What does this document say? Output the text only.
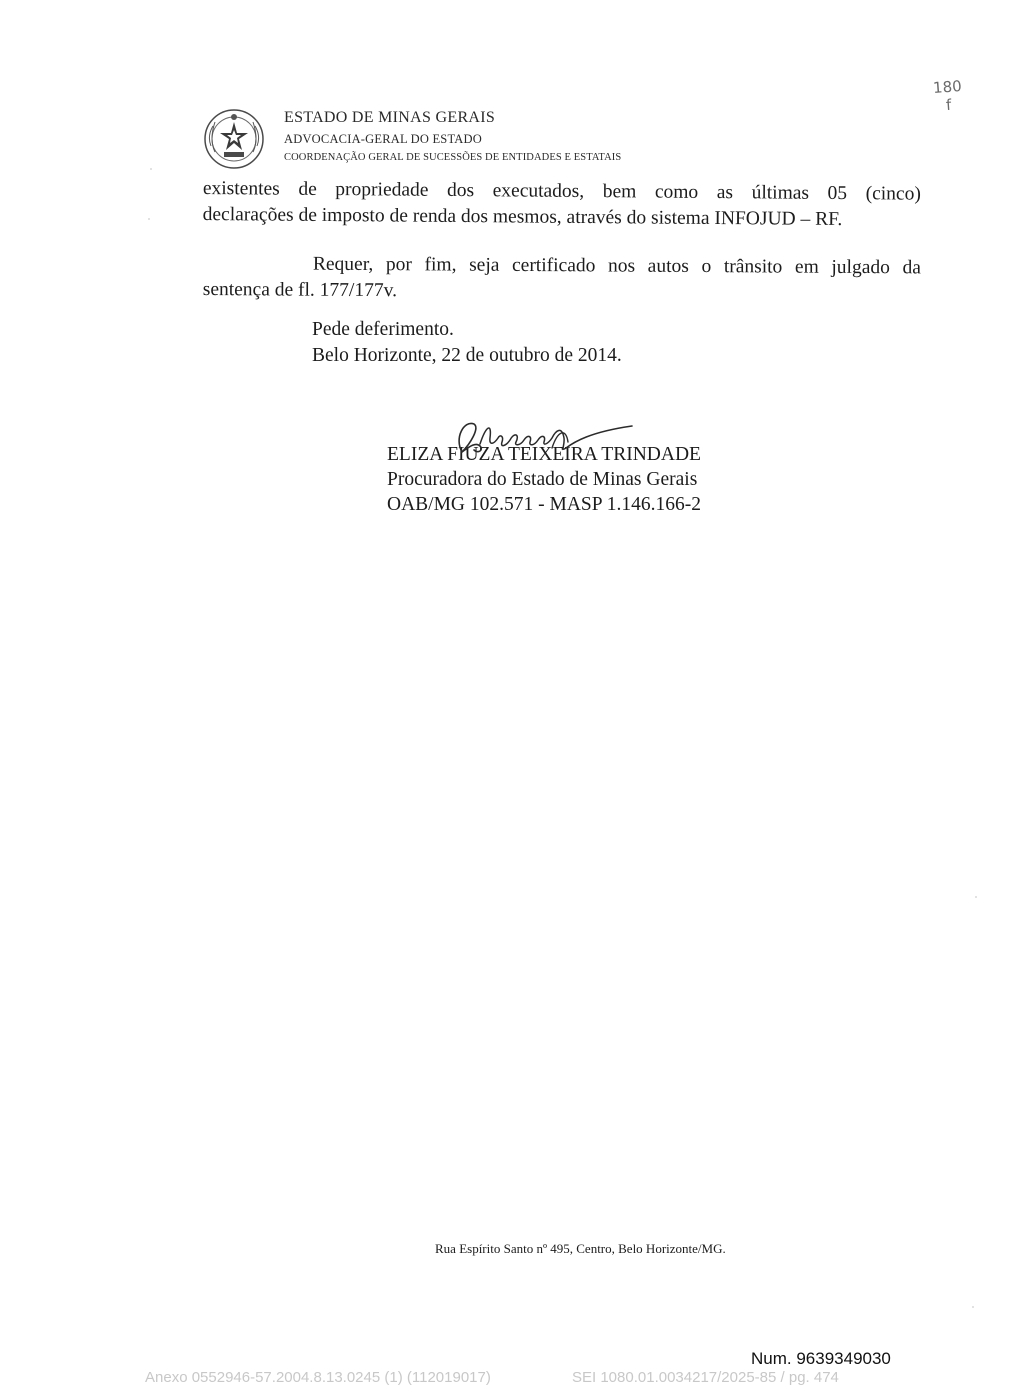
180
f
ESTADO DE MINAS GERAIS
ADVOCACIA-GERAL DO ESTADO
COORDENAÇÃO GERAL DE SUCESSÕES DE ENTIDADES E ESTATAIS
existentes de propriedade dos executados, bem como as últimas 05 (cinco)
declarações de imposto de renda dos mesmos, através do sistema INFOJUD – RF.
Requer, por fim, seja certificado nos autos o trânsito em julgado da
sentença de fl. 177/177v.
Pede deferimento.
Belo Horizonte, 22 de outubro de 2014.
ELIZA FIUZA TEIXEIRA TRINDADE
Procuradora do Estado de Minas Gerais
OAB/MG 102.571 - MASP 1.146.166-2
Rua Espírito Santo nº 495, Centro, Belo Horizonte/MG.
Num. 9639349030
Anexo 0552946-57.2004.8.13.0245 (1) (112019017)	SEI 1080.01.0034217/2025-85 / pg. 474
